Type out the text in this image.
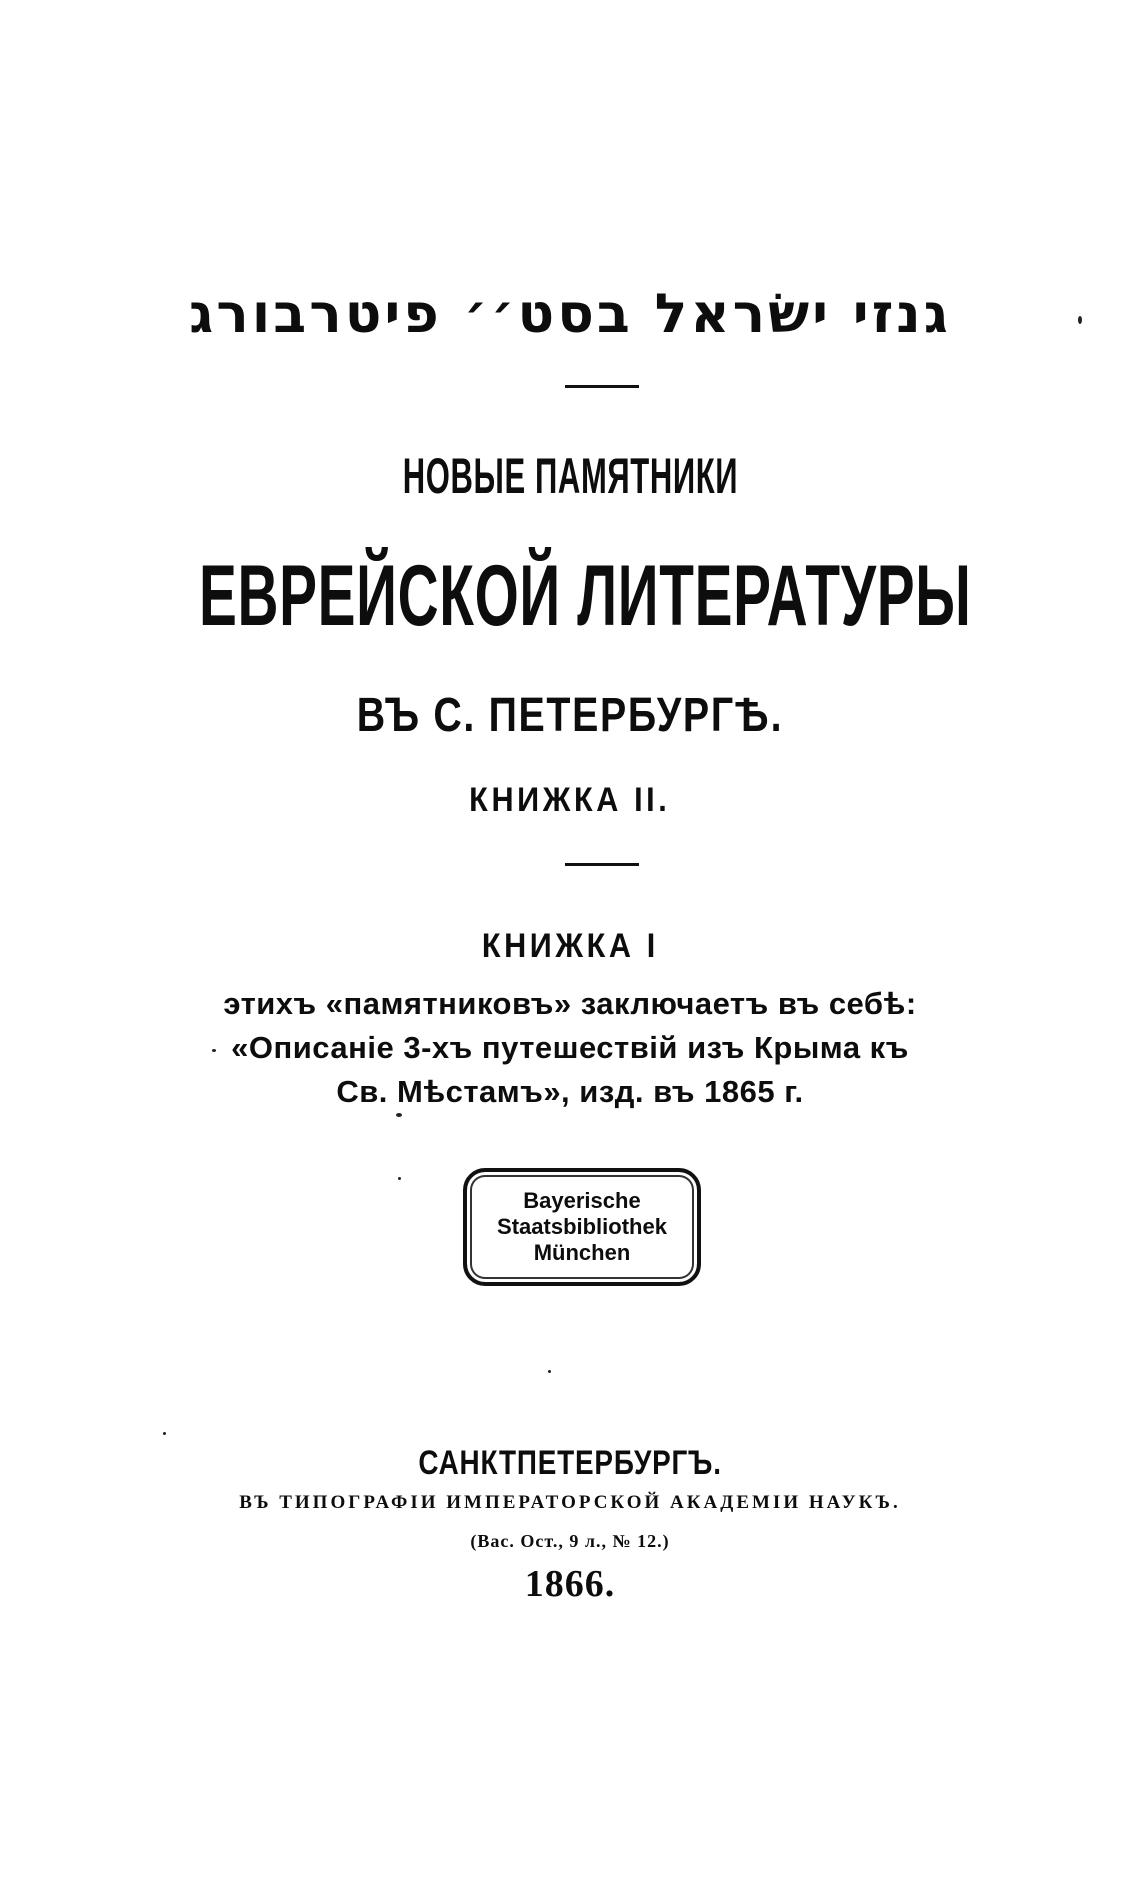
גנזי ישׂראל בסט׳׳ פיטרבורג
НОВЫЕ ПАМЯТНИКИ
ЕВРЕЙСКОЙ ЛИТЕРАТУРЫ
ВЪ С. ПЕТЕРБУРГѢ.
КНИЖКА II.
КНИЖКА I
этихъ «памятниковъ» заключаетъ въ себѣ:
«Описаніе 3-хъ путешествій изъ Крыма къ
Св. Мѣстамъ», изд. въ 1865 г.
Bayerische
Staatsbibliothek
München
САНКТПЕТЕРБУРГЪ.
ВЪ ТИПОГРАФІИ ИМПЕРАТОРСКОЙ АКАДЕМІИ НАУКЪ.
(Вас. Ост., 9 л., № 12.)
1866.
